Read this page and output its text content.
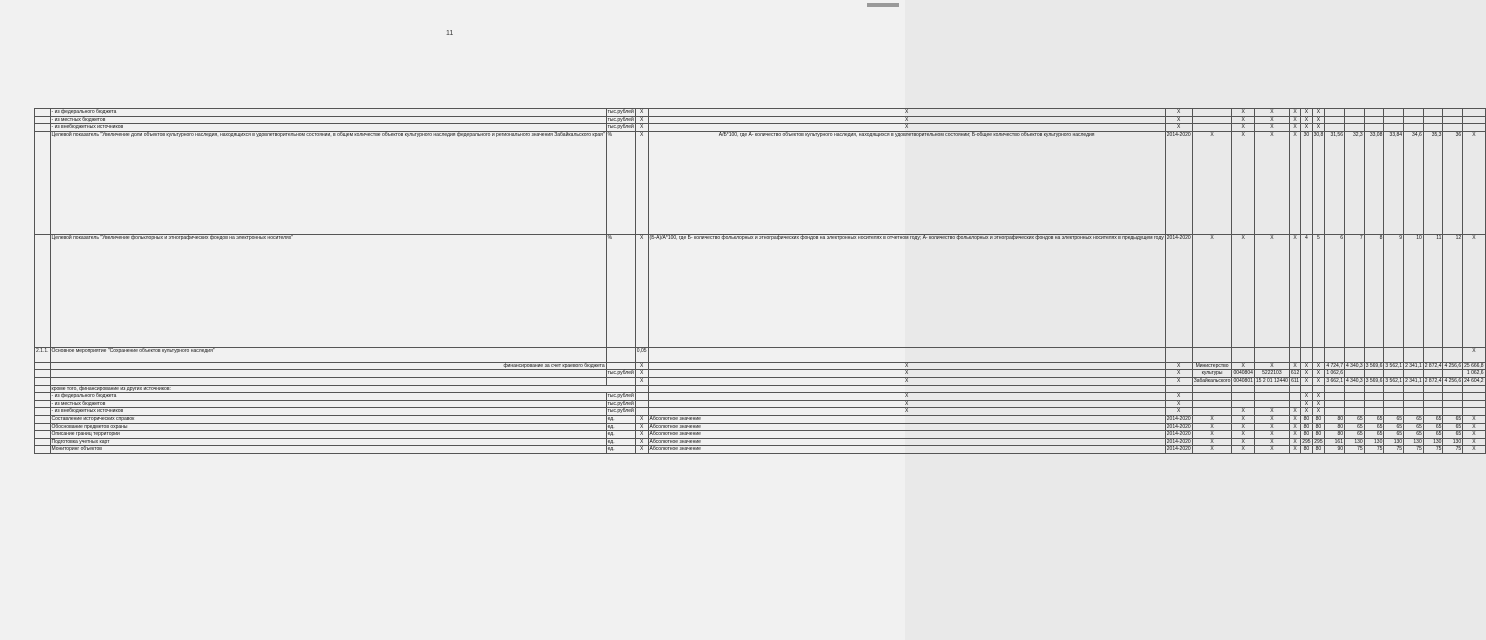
11
	- из федерального бюджета	тыс.рублей	X	X	X		X	X	X	X	X								
	- из местных бюджетов	тыс.рублей	X	X	X		X	X	X	X	X								
	- из внебюджетных источников	тыс.рублей	X	X	X		X	X	X	X	X								
	Целевой показатель "Увеличение доли объектов культурного наследия, находящихся в удовлетворительном состоянии, в общем количестве объектов культурного наследия федерального и регионального значения Забайкальского края"	%	X	А/Б*100, где А- количество объектов культурного наследия, находящихся в удовлетворительном состоянии; Б-общее количество объектов культурного наследия	2014-2020	X	X	X	X	30	30,8	31,56	32,3	33,08	33,84	34,6	35,3	36	X
	Целевой показатель "Увеличение фольклорных и этнографических фондов на электронных носителях"	%	X	(Б-А)/А*100, где Б- количество фольклорных и этнографических фондов на электронных носителях в отчетном году; А- количество фольклорных и этнографических фондов на электронных носителях в предыдущем году	2014-2020	X	X	X	X	4	5	6	7	8	9	10	11	12	X
2.1.1.	Основное мероприятие "Сохранение объектов культурного наследия"		0,05																X
	финансирование за счет краевого бюджета		X	X	X	Министерство	X	X	X	X	X	4 724,7	4 340,3	3 569,6	3 562,1	2 341,1	2 872,4	4 256,6	25 666,8
		тыс.рублей	X	X	X	культуры	0040804	5222103	612	X	X	1 062,6							1 062,6
			X	X	X	Забайкальского	0040801	15 2 01 12440	611	X	X	3 662,1	4 340,3	3 569,6	3 562,1	2 341,1	2 872,4	4 256,6	24 604,2
	кроме того, финансирование из других источников:																		
	- из федерального бюджета	тыс.рублей		X	X					X	X								
	- из местных бюджетов	тыс.рублей		X	X					X	X								
	- из внебюджетных источников	тыс.рублей		X	X		X	X	X	X	X								
	Составление исторических справок	ед.	X	Абсолютное значение	2014-2020	X	X	X	X	80	80	80	65	65	65	65	65	65	X
	Обоснование предметов охраны	ед.	X	Абсолютное значение	2014-2020	X	X	X	X	80	80	80	65	65	65	65	65	65	X
	Описание границ территории	ед.	X	Абсолютное значение	2014-2020	X	X	X	X	80	80	80	65	65	65	65	65	65	X
	Подготовка учетных карт	ед.	X	Абсолютное значение	2014-2020	X	X	X	X	295	295	161	130	130	130	130	130	130	X
	Мониторинг объектов	ед.	X	Абсолютное значение	2014-2020	X	X	X	X	80	80	90	75	75	75	75	75	75	X
